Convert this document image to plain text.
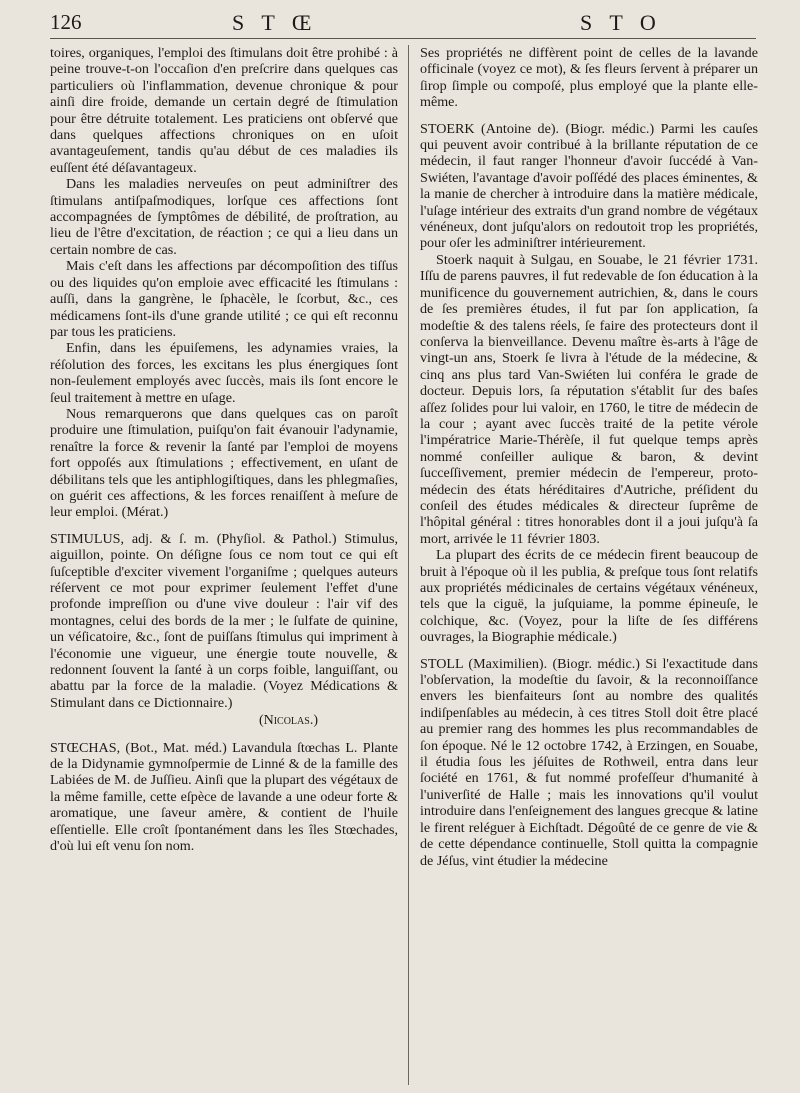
126	S T Œ	S T O

toires, organiques, l'emploi des ſtimulans doit être prohibé : à peine trouve-t-on l'occaſion d'en preſcrire dans quelques cas particuliers où l'inflammation, devenue chronique & pour ainſi dire froide, demande un certain degré de ſtimulation pour être détruite totalement. Les praticiens ont obſervé que dans quelques affections chroniques on en uſoit avantageuſement, tandis qu'au début de ces maladies ils euſſent été déſavantageux.

Dans les maladies nerveuſes on peut adminiſtrer des ſtimulans antiſpaſmodiques, lorſque ces affections ſont accompagnées de ſymptômes de débilité, de proſtration, au lieu de l'être d'excitation, de réaction ; ce qui a lieu dans un certain nombre de cas.

Mais c'eſt dans les affections par décompoſition des tiſſus ou des liquides qu'on emploie avec efficacité les ſtimulans : auſſi, dans la gangrène, le ſphacèle, le ſcorbut, &c., ces médicamens ſont-ils d'une grande utilité ; ce qui eſt reconnu par tous les praticiens.

Enfin, dans les épuiſemens, les adynamies vraies, la réſolution des forces, les excitans les plus énergiques ſont non-ſeulement employés avec ſuccès, mais ils ſont encore le ſeul traitement à mettre en uſage.

Nous remarquerons que dans quelques cas on paroît produire une ſtimulation, puiſqu'on fait évanouir l'adynamie, renaître la force & revenir la ſanté par l'emploi de moyens fort oppoſés aux ſtimulations ; effectivement, en uſant de débilitans tels que les antiphlogiſtiques, dans les phlegmaſies, on guérit ces affections, & les forces renaiſſent à meſure de leur emploi. (Mérat.)

STIMULUS, adj. & ſ. m. (Phyſiol. & Pathol.) Stimulus, aiguillon, pointe. On déſigne ſous ce nom tout ce qui eſt ſuſceptible d'exciter vivement l'organiſme ; quelques auteurs réſervent ce mot pour exprimer ſeulement l'effet d'une profonde impreſſion ou d'une vive douleur : l'air vif des montagnes, celui des bords de la mer ; le ſulfate de quinine, un véſicatoire, &c., ſont de puiſſans ſtimulus qui impriment à l'économie une vigueur, une énergie toute nouvelle, & redonnent ſouvent la ſanté à un corps foible, languiſſant, ou abattu par la force de la maladie. (Voyez Médications & Stimulant dans ce Dictionnaire.)

(Nicolas.)

STŒCHAS, (Bot., Mat. méd.) Lavandula ſtœchas L. Plante de la Didynamie gymnoſpermie de Linné & de la famille des Labiées de M. de Juſſieu. Ainſi que la plupart des végétaux de la même famille, cette eſpèce de lavande a une odeur forte & aromatique, une ſaveur amère, & contient de l'huile eſſentielle. Elle croît ſpontanément dans les îles Stœchades, d'où lui eſt venu ſon nom.

Ses propriétés ne diffèrent point de celles de la lavande officinale (voyez ce mot), & ſes fleurs ſervent à préparer un ſirop ſimple ou compoſé, plus employé que la plante elle-même.

STOERK (Antoine de). (Biogr. médic.) Parmi les cauſes qui peuvent avoir contribué à la brillante réputation de ce médecin, il faut ranger l'honneur d'avoir ſuccédé à Van-Swiéten, l'avantage d'avoir poſſédé des places éminentes, & la manie de chercher à introduire dans la matière médicale, l'uſage intérieur des extraits d'un grand nombre de végétaux vénéneux, dont juſqu'alors on redoutoit trop les propriétés, pour oſer les adminiſtrer intérieurement.

Stoerk naquit à Sulgau, en Souabe, le 21 février 1731. Iſſu de parens pauvres, il fut redevable de ſon éducation à la munificence du gouvernement autrichien, &, dans le cours de ſes premières études, il fut par ſon application, ſa modeſtie & des talens réels, ſe faire des protecteurs dont il conſerva la bienveillance. Devenu maître ès-arts à l'âge de vingt-un ans, Stoerk ſe livra à l'étude de la médecine, & cinq ans plus tard Van-Swiéten lui conféra le grade de docteur. Depuis lors, ſa réputation s'établit ſur des baſes aſſez ſolides pour lui valoir, en 1760, le titre de médecin de la cour ; ayant avec ſuccès traité de la petite vérole l'impératrice Marie-Thérèſe, il fut quelque temps après nommé conſeiller aulique & baron, & devint ſucceſſivement, premier médecin de l'empereur, proto-médecin des états héréditaires d'Autriche, préſident du conſeil des études médicales & directeur ſuprême de l'hôpital général : titres honorables dont il a joui juſqu'à ſa mort, arrivée le 11 février 1803.

La plupart des écrits de ce médecin firent beaucoup de bruit à l'époque où il les publia, & preſque tous ſont relatifs aux propriétés médicinales de certains végétaux vénéneux, tels que la ciguë, la juſquiame, la pomme épineuſe, le colchique, &c. (Voyez, pour la liſte de ſes différens ouvrages, la Biographie médicale.)

STOLL (Maximilien). (Biogr. médic.) Si l'exactitude dans l'obſervation, la modeſtie du ſavoir, & la reconnoiſſance envers les bienfaiteurs ſont au nombre des qualités indiſpenſables au médecin, à ces titres Stoll doit être placé au premier rang des hommes les plus recommandables de ſon époque. Né le 12 octobre 1742, à Erzingen, en Souabe, il étudia ſous les jéſuites de Rothweil, entra dans leur ſociété en 1761, & fut nommé profeſſeur d'humanité à l'univerſité de Halle ; mais les innovations qu'il voulut introduire dans l'enſeignement des langues grecque & latine le firent reléguer à Eichſtadt. Dégoûté de ce genre de vie & de cette dépendance continuelle, Stoll quitta la compagnie de Jéſus, vint étudier la médecine
